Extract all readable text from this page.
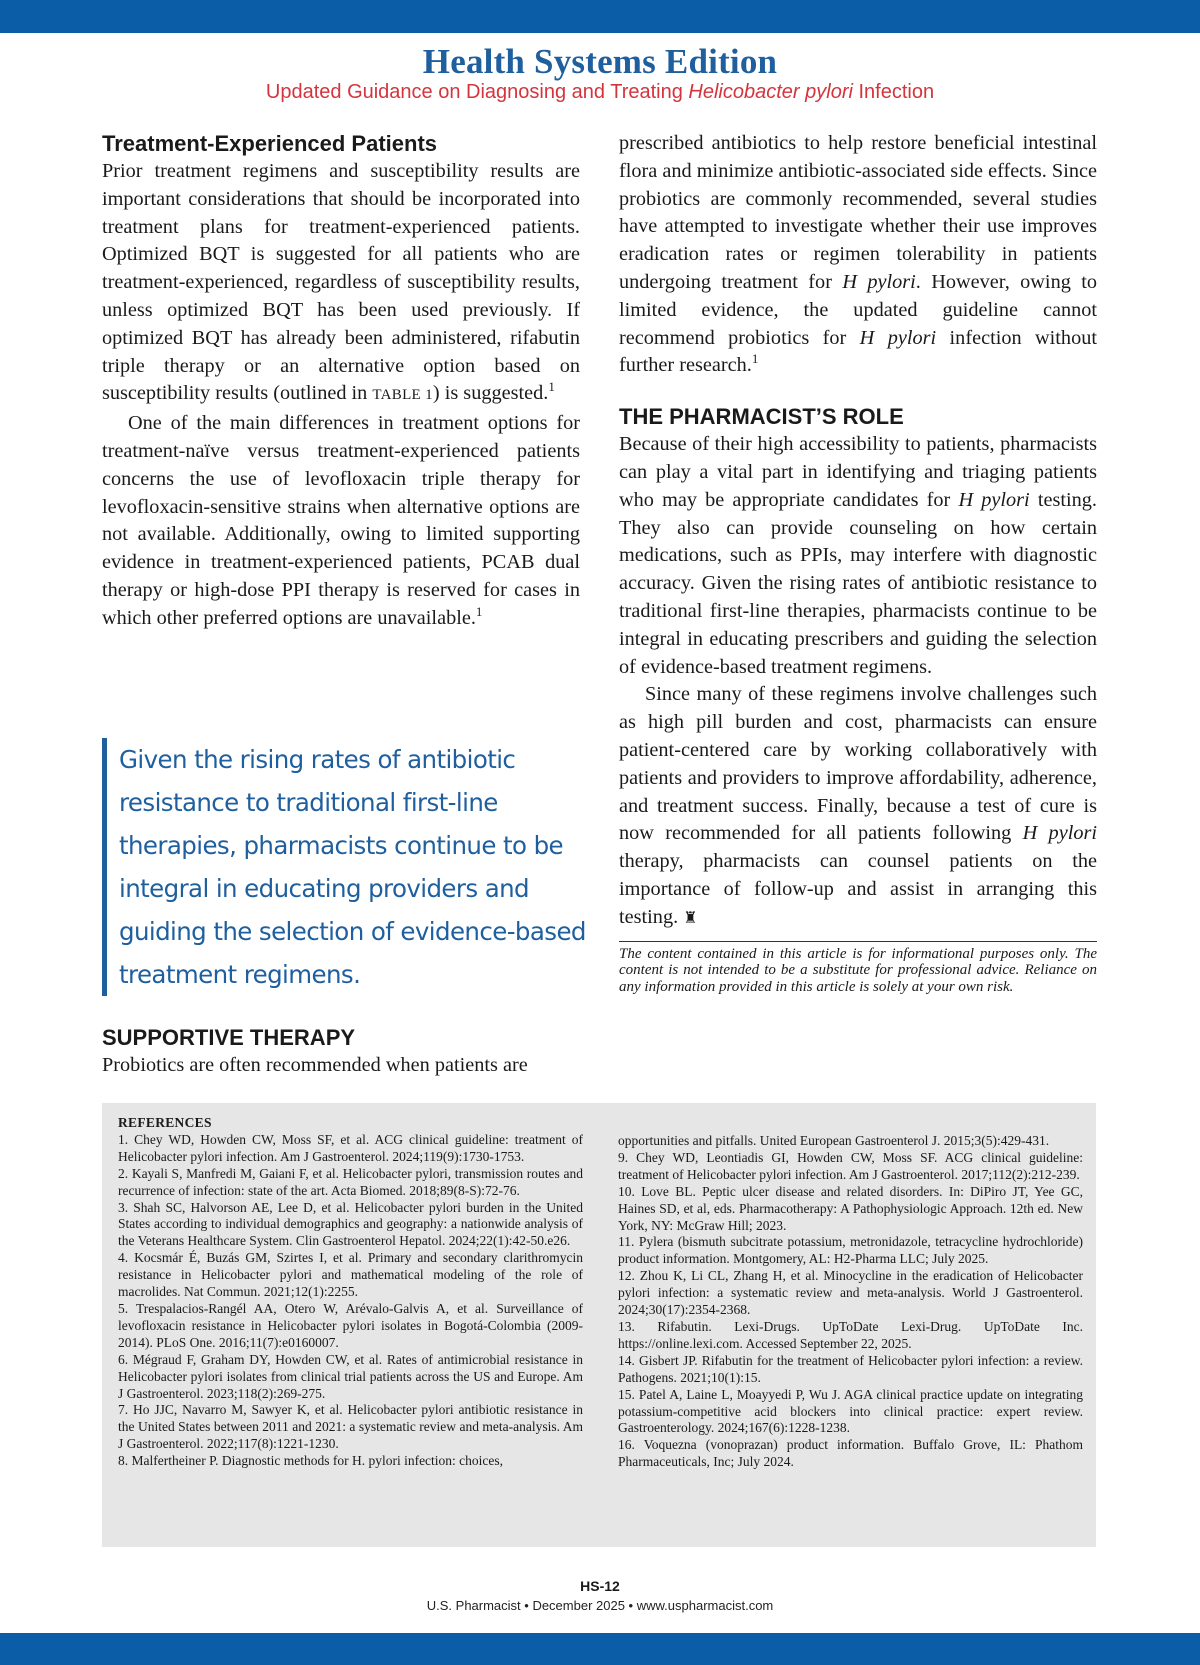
Health Systems Edition
Updated Guidance on Diagnosing and Treating Helicobacter pylori Infection
Treatment-Experienced Patients

Prior treatment regimens and susceptibility results are important considerations that should be incorporated into treatment plans for treatment-experienced patients. Optimized BQT is suggested for all patients who are treatment-experienced, regardless of susceptibility results, unless optimized BQT has been used previously. If optimized BQT has already been administered, rifabutin triple therapy or an alternative option based on susceptibility results (outlined in TABLE 1) is suggested.$^1$

One of the main differences in treatment options for treatment-naïve versus treatment-experienced patients concerns the use of levofloxacin triple therapy for levofloxacin-sensitive strains when alternative options are not available. Additionally, owing to limited supporting evidence in treatment-experienced patients, PCAB dual therapy or high-dose PPI therapy is reserved for cases in which other preferred options are unavailable.$^1$

Given the rising rates of antibiotic resistance to traditional first-line therapies, pharmacists continue to be integral in educating providers and guiding the selection of evidence-based treatment regimens.
SUPPORTIVE THERAPY

Probiotics are often recommended when patients are

prescribed antibiotics to help restore beneficial intestinal flora and minimize antibiotic-associated side effects. Since probiotics are commonly recommended, several studies have attempted to investigate whether their use improves eradication rates or regimen tolerability in patients undergoing treatment for H pylori. However, owing to limited evidence, the updated guideline cannot recommend probiotics for H pylori infection without further research.$^1$

THE PHARMACIST’S ROLE

Because of their high accessibility to patients, pharmacists can play a vital part in identifying and triaging patients who may be appropriate candidates for H pylori testing. They also can provide counseling on how certain medications, such as PPIs, may interfere with diagnostic accuracy. Given the rising rates of antibiotic resistance to traditional first-line therapies, pharmacists continue to be integral in educating prescribers and guiding the selection of evidence-based treatment regimens.

Since many of these regimens involve challenges such as high pill burden and cost, pharmacists can ensure patient-centered care by working collaboratively with patients and providers to improve affordability, adherence, and treatment success. Finally, because a test of cure is now recommended for all patients following H pylori therapy, pharmacists can counsel patients on the importance of follow-up and assist in arranging this testing. ♜

The content contained in this article is for informational purposes only. The content is not intended to be a substitute for professional advice. Reliance on any information provided in this article is solely at your own risk.
REFERENCES
1. Chey WD, Howden CW, Moss SF, et al. ACG clinical guideline: treatment of Helicobacter pylori infection. Am J Gastroenterol. 2024;119(9):1730-1753.
2. Kayali S, Manfredi M, Gaiani F, et al. Helicobacter pylori, transmission routes and recurrence of infection: state of the art. Acta Biomed. 2018;89(8-S):72-76.
3. Shah SC, Halvorson AE, Lee D, et al. Helicobacter pylori burden in the United States according to individual demographics and geography: a nationwide analysis of the Veterans Healthcare System. Clin Gastroenterol Hepatol. 2024;22(1):42-50.e26.
4. Kocsmár É, Buzás GM, Szirtes I, et al. Primary and secondary clarithromycin resistance in Helicobacter pylori and mathematical modeling of the role of macrolides. Nat Commun. 2021;12(1):2255.
5. Trespalacios-Rangél AA, Otero W, Arévalo-Galvis A, et al. Surveillance of levofloxacin resistance in Helicobacter pylori isolates in Bogotá-Colombia (2009-2014). PLoS One. 2016;11(7):e0160007.
6. Mégraud F, Graham DY, Howden CW, et al. Rates of antimicrobial resistance in Helicobacter pylori isolates from clinical trial patients across the US and Europe. Am J Gastroenterol. 2023;118(2):269-275.
7. Ho JJC, Navarro M, Sawyer K, et al. Helicobacter pylori antibiotic resistance in the United States between 2011 and 2021: a systematic review and meta-analysis. Am J Gastroenterol. 2022;117(8):1221-1230.
8. Malfertheiner P. Diagnostic methods for H. pylori infection: choices,
opportunities and pitfalls. United European Gastroenterol J. 2015;3(5):429-431.
9. Chey WD, Leontiadis GI, Howden CW, Moss SF. ACG clinical guideline: treatment of Helicobacter pylori infection. Am J Gastroenterol. 2017;112(2):212-239.
10. Love BL. Peptic ulcer disease and related disorders. In: DiPiro JT, Yee GC, Haines SD, et al, eds. Pharmacotherapy: A Pathophysiologic Approach. 12th ed. New York, NY: McGraw Hill; 2023.
11. Pylera (bismuth subcitrate potassium, metronidazole, tetracycline hydrochloride) product information. Montgomery, AL: H2-Pharma LLC; July 2025.
12. Zhou K, Li CL, Zhang H, et al. Minocycline in the eradication of Helicobacter pylori infection: a systematic review and meta-analysis. World J Gastroenterol. 2024;30(17):2354-2368.
13. Rifabutin. Lexi-Drugs. UpToDate Lexi-Drug. UpToDate Inc. https://online.lexi.com. Accessed September 22, 2025.
14. Gisbert JP. Rifabutin for the treatment of Helicobacter pylori infection: a review. Pathogens. 2021;10(1):15.
15. Patel A, Laine L, Moayyedi P, Wu J. AGA clinical practice update on integrating potassium-competitive acid blockers into clinical practice: expert review. Gastroenterology. 2024;167(6):1228-1238.
16. Voquezna (vonoprazan) product information. Buffalo Grove, IL: Phathom Pharmaceuticals, Inc; July 2024.
HS-12
U.S. Pharmacist • December 2025 • www.uspharmacist.com
